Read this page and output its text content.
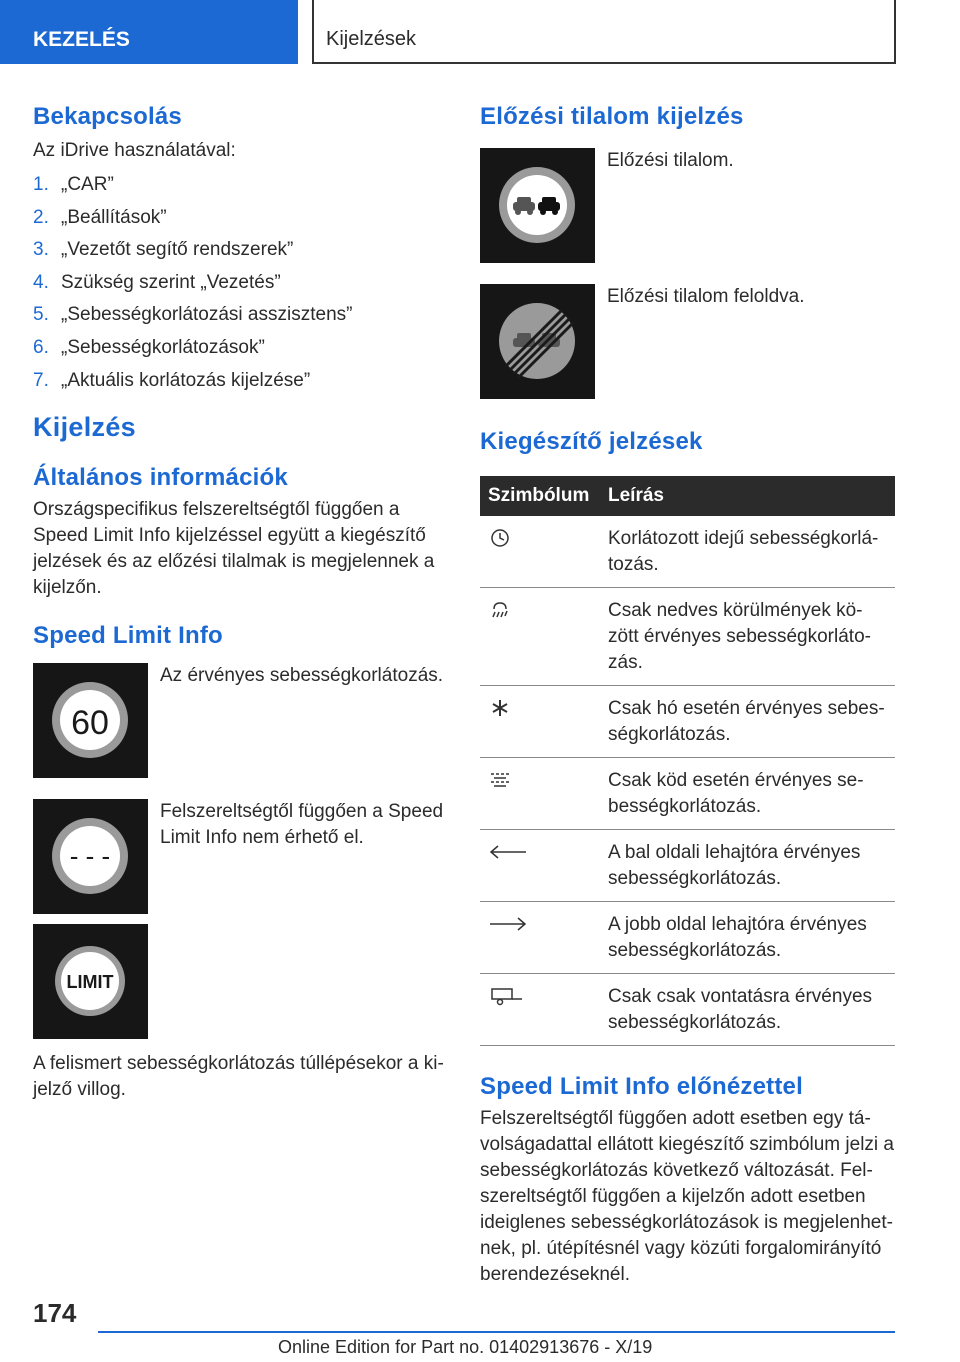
KEZELÉS	Kijelzések
Bekapcsolás

Az iDrive használatával:

1. „CAR”
2. „Beállítások”
3. „Vezetőt segítő rendszerek”
4. Szükség szerint „Vezetés”
5. „Sebességkorlátozási asszisztens”
6. „Sebességkorlátozások”
7. „Aktuális korlátozás kijelzése”
Kijelzés
Általános információk

Országspecifikus felszereltségtől függően a Speed Limit Info kijelzéssel együtt a kiegészítő jelzések és az előzési tilalmak is megjelennek a kijelzőn.

Speed Limit Info
60
Az érvényes sebességkorlátozás.
- - -
Felszereltségtől függően a Speed Limit Info nem érhető el.
LIMIT

A felismert sebességkorlátozás túllépésekor a ki-jelző villog.

Előzési tilalom kijelzés
Előzési tilalom.
Előzési tilalom feloldva.
Kiegészítő jelzések
Szimbólum	Leírás
	Korlátozott idejű sebességkorlá-tozás.
	Csak nedves körülmények kö-zött érvényes sebességkorláto-zás.
	Csak hó esetén érvényes sebes-ségkorlátozás.
	Csak köd esetén érvényes se-bességkorlátozás.
	A bal oldali lehajtóra érvényes sebességkorlátozás.
	A jobb oldal lehajtóra érvényes sebességkorlátozás.
	Csak csak vontatásra érvényes sebességkorlátozás.
Speed Limit Info előnézettel

Felszereltségtől függően adott esetben egy tá-volságadattal ellátott kiegészítő szimbólum jelzi a sebességkorlátozás következő változását. Fel-szereltségtől függően a kijelzőn adott esetben ideiglenes sebességkorlátozások is megjelenhet-nek, pl. útépítésnél vagy közúti forgalomirányító berendezéseknél.

174
Online Edition for Part no. 01402913676 - X/19
